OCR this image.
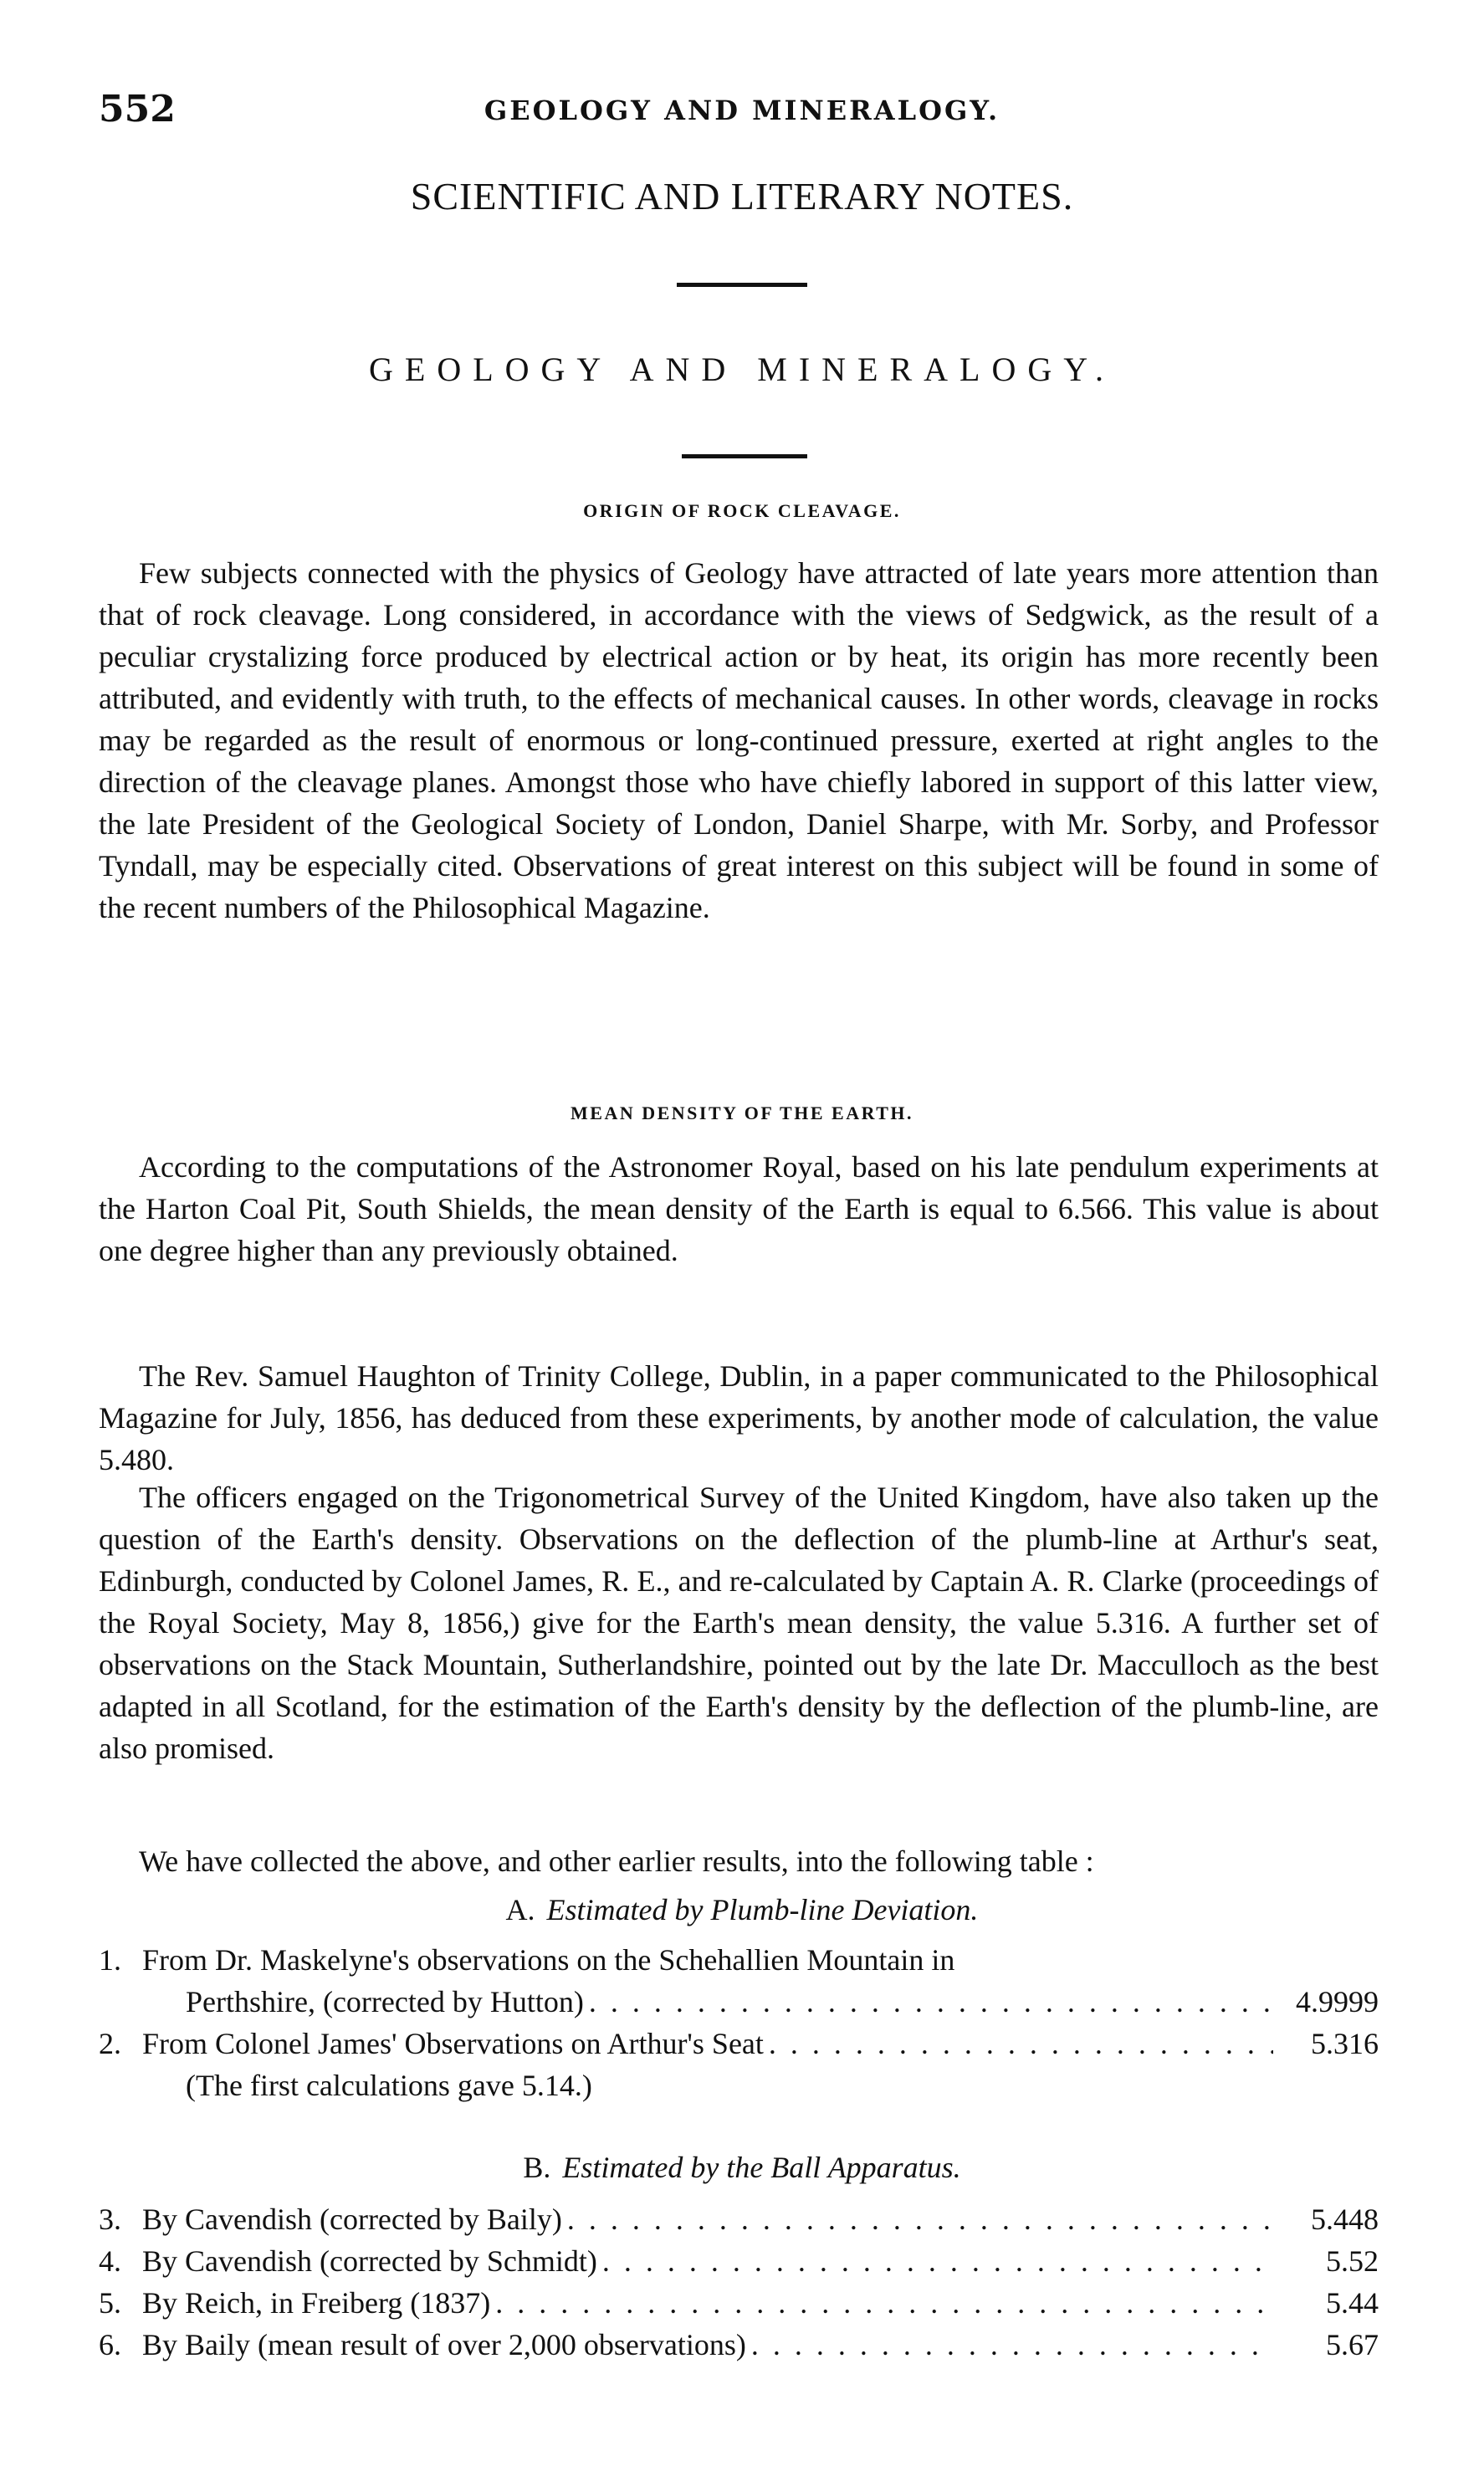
552	GEOLOGY AND MINERALOGY.
SCIENTIFIC AND LITERARY NOTES.
GEOLOGY AND MINERALOGY.
ORIGIN OF ROCK CLEAVAGE.

Few subjects connected with the physics of Geology have attracted of late years more attention than that of rock cleavage. Long considered, in accordance with the views of Sedgwick, as the result of a peculiar crystalizing force produced by electrical action or by heat, its origin has more recently been attributed, and evidently with truth, to the effects of mechanical causes. In other words, cleavage in rocks may be regarded as the result of enormous or long-continued pressure, exerted at right angles to the direction of the cleavage planes. Amongst those who have chiefly labored in support of this latter view, the late President of the Geological Society of London, Daniel Sharpe, with Mr. Sorby, and Professor Tyndall, may be especially cited. Observations of great interest on this subject will be found in some of the recent numbers of the Philosophical Magazine.

MEAN DENSITY OF THE EARTH.

According to the computations of the Astronomer Royal, based on his late pendulum experiments at the Harton Coal Pit, South Shields, the mean density of the Earth is equal to 6.566. This value is about one degree higher than any previously obtained.

The Rev. Samuel Haughton of Trinity College, Dublin, in a paper communicated to the Philosophical Magazine for July, 1856, has deduced from these experiments, by another mode of calculation, the value 5.480.

The officers engaged on the Trigonometrical Survey of the United Kingdom, have also taken up the question of the Earth's density. Observations on the deflection of the plumb-line at Arthur's seat, Edinburgh, conducted by Colonel James, R. E., and re-calculated by Captain A. R. Clarke (proceedings of the Royal Society, May 8, 1856,) give for the Earth's mean density, the value 5.316. A further set of observations on the Stack Mountain, Sutherlandshire, pointed out by the late Dr. Macculloch as the best adapted in all Scotland, for the estimation of the Earth's density by the deflection of the plumb-line, are also promised.

We have collected the above, and other earlier results, into the following table :

A. Estimated by Plumb-line Deviation.
1. From Dr. Maskelyne's observations on the Schehallien Mountain in
Perthshire, (corrected by Hutton) . . .	4.9999
2. From Colonel James' Observations on Arthur's Seat . . .	5.316
(The first calculations gave 5.14.)
B. Estimated by the Ball Apparatus.
3. By Cavendish (corrected by Baily) . . .	5.448
4. By Cavendish (corrected by Schmidt) . . .	5.52
5. By Reich, in Freiberg (1837) . . .	5.44
6. By Baily (mean result of over 2,000 observations) . . .	5.67
